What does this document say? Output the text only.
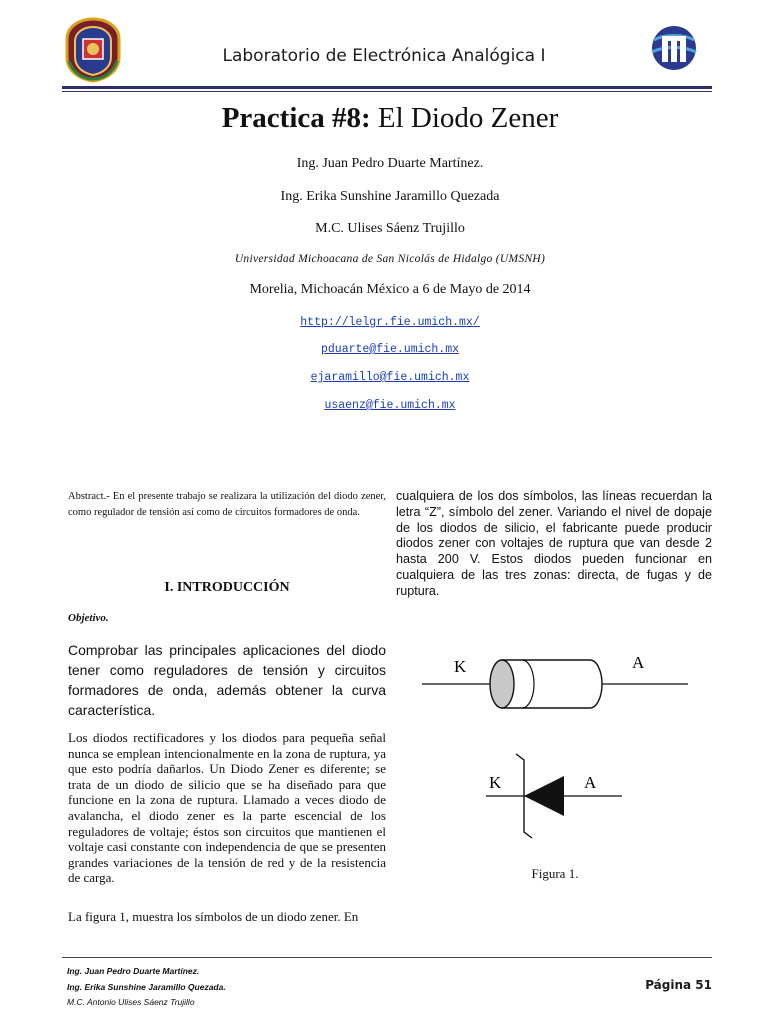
Laboratorio de Electrónica Analógica I
Practica #8: El Diodo Zener
Ing. Juan Pedro Duarte Martínez.
Ing. Erika Sunshine Jaramillo Quezada
M.C. Ulises Sáenz Trujillo
Universidad Michoacana de San Nicolás de Hidalgo (UMSNH)
Morelia, Michoacán México a 6 de Mayo de 2014
http://lelgr.fie.umich.mx/
pduarte@fie.umich.mx
ejaramillo@fie.umich.mx
usaenz@fie.umich.mx
Abstract.- En el presente trabajo se realizara la utilización del diodo zener, como regulador de tensión así como de circuitos formadores de onda.
I. INTRODUCCIÓN
Objetivo.
Comprobar las principales aplicaciones del diodo tener como reguladores de tensión y circuitos formadores de onda, además obtener la curva característica.
Los diodos rectificadores y los diodos para pequeña señal nunca se emplean intencionalmente en la zona de ruptura, ya que esto podría dañarlos. Un Diodo Zener es diferente; se trata de un diodo de silicio que se ha diseñado para que funcione en la zona de ruptura. Llamado a veces diodo de avalancha, el diodo zener es la parte escencial de los reguladores de voltaje; éstos son circuitos que mantienen el voltaje casi constante con independencia de que se presenten grandes variaciones de la tensión de red y de la resistencia de carga.
La figura 1, muestra los símbolos de un diodo zener. En
cualquiera de los dos símbolos, las líneas recuerdan la letra “Z”, símbolo del zener. Variando el nivel de dopaje de los diodos de silicio, el fabricante puede producir diodos zener con voltajes de ruptura que van desde 2 hasta 200 V. Estos diodos pueden funcionar en cualquiera de las tres zonas: directa, de fugas y de ruptura.
K	A
K	A
Figura 1.
Ing. Juan Pedro Duarte Martínez.
Ing. Erika Sunshine Jaramillo Quezada.
M.C. Antonio Ulises Sáenz Trujillo
Página 51
